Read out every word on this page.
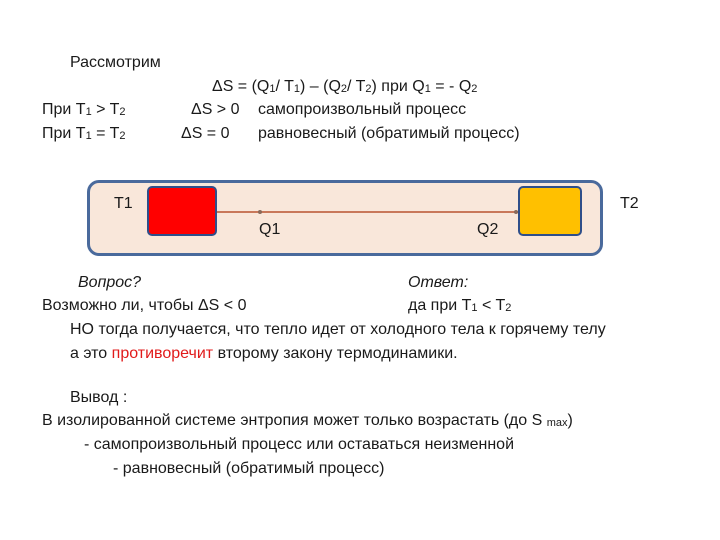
Рассмотрим
ΔS = (Q1/ T1) – (Q2/ T2) при Q1 = - Q2
При T1 > T2	ΔS > 0 самопроизвольный процесс
При T1 = T2	ΔS = 0 равновесный (обратимый процесс)
T1	T2
Q1	Q2
Вопрос?	Ответ:
Возможно ли, чтобы ΔS < 0	да при T1 < T2
НО тогда получается, что тепло идет от холодного тела к горячему телу
а это противоречит второму закону термодинамики.
Вывод :
В изолированной системе энтропия может только возрастать (до S max)
- самопроизвольный процесс или оставаться неизменной
- равновесный (обратимый процесс)
